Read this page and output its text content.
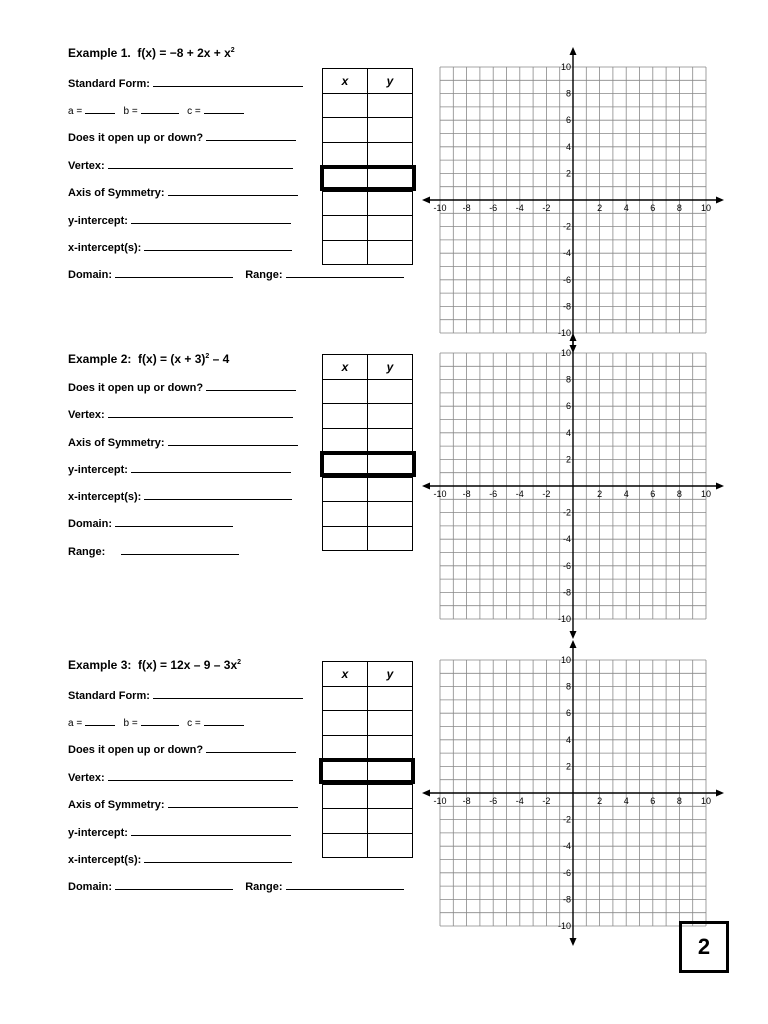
Example 1. $f(x) = -8 + 2x + x^2$
Standard Form:
a =	b =	c =
Does it open up or down?
Vertex:
Axis of Symmetry:
y-intercept:
x-intercept(s):
Domain:	Range:
x	y

-10 -8 -6 -4 -2	2 4 6 8 10
10
8
6
4
2
-2
-4
-6
-8
-10
Example 2: $f(x) = (x + 3)^2 - 4$
Does it open up or down?
Vertex:
Axis of Symmetry:
y-intercept:
x-intercept(s):
Domain:
Range:
x	y

-10 -8 -6 -4 -2	2 4 6 8 10
10
8
6
4
2
-2
-4
-6
-8
-10
Example 3: $f(x) = 12x - 9 - 3x^2$
Standard Form:
a =	b =	c =
Does it open up or down?
Vertex:
Axis of Symmetry:
y-intercept:
x-intercept(s):
Domain:	Range:
x	y

-10 -8 -6 -4 -2	2 4 6 8 10
10
8
6
4
2
-2
-4
-6
-8
-10
2
